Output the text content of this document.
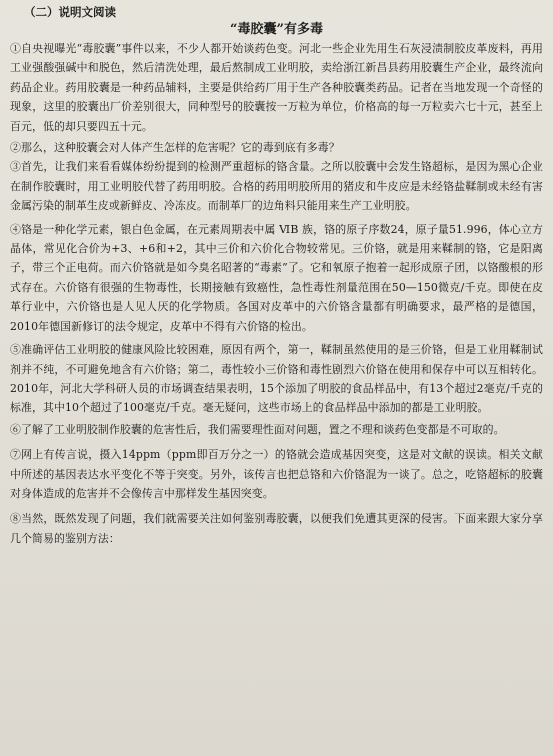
（二）说明文阅读
“毒胶囊”有多毒

①自央视曝光“毒胶囊”事件以来，不少人都开始谈药色变。河北一些企业先用生石灰浸渍制胶皮革废料，再用工业强酸强碱中和脱色，然后清洗处理，最后熬制成工业明胶，卖给浙江新昌县药用胶囊生产企业，最终流向药品企业。药用胶囊是一种药品辅料，主要是供给药厂用于生产各种胶囊类药品。记者在当地发现一个奇怪的现象，这里的胶囊出厂价差别很大，同种型号的胶囊按一万粒为单位，价格高的每一万粒卖六七十元，甚至上百元，低的却只要四五十元。

②那么，这种胶囊会对人体产生怎样的危害呢？它的毒到底有多毒？

③首先，让我们来看看媒体纷纷提到的检测严重超标的铬含量。之所以胶囊中会发生铬超标，是因为黑心企业在制作胶囊时，用工业明胶代替了药用明胶。合格的药用明胶所用的猪皮和牛皮应是未经铬盐鞣制或未经有害金属污染的制革生皮或新鲜皮、冷冻皮。而制革厂的边角料只能用来生产工业明胶。

④铬是一种化学元素，银白色金属，在元素周期表中属 ⅥB 族，铬的原子序数24，原子量51.996，体心立方晶体，常见化合价为+3、+6和+2，其中三价和六价化合物较常见。三价铬，就是用来鞣制的铬，它是阳离子，带三个正电荷。而六价铬就是如今臭名昭著的“毒素”了。它和氧原子抱着一起形成原子团，以铬酸根的形式存在。六价铬有很强的生物毒性，长期接触有致癌性，急性毒性剂量范围在50—150微克/千克。即使在皮革行业中，六价铬也是人见人厌的化学物质。各国对皮革中的六价铬含量都有明确要求，最严格的是德国，2010年德国新修订的法令规定，皮革中不得有六价铬的检出。

⑤准确评估工业明胶的健康风险比较困难，原因有两个，第一，鞣制虽然使用的是三价铬，但是工业用鞣制试剂并不纯，不可避免地含有六价铬；第二，毒性较小三价铬和毒性剧烈六价铬在使用和保存中可以互相转化。2010年，河北大学科研人员的市场调查结果表明，15个添加了明胶的食品样品中，有13个超过2毫克/千克的标准，其中10个超过了100毫克/千克。毫无疑问，这些市场上的食品样品中添加的都是工业明胶。

⑥了解了工业明胶制作胶囊的危害性后，我们需要理性面对问题，置之不理和谈药色变都是不可取的。

⑦网上有传言说，摄入14ppm（ppm即百万分之一）的铬就会造成基因突变，这是对文献的误读。相关文献中所述的基因表达水平变化不等于突变。另外，该传言也把总铬和六价铬混为一谈了。总之，吃铬超标的胶囊对身体造成的危害并不会像传言中那样发生基因突变。

⑧当然，既然发现了问题，我们就需要关注如何鉴别毒胶囊，以便我们免遭其更深的侵害。下面来跟大家分享几个简易的鉴别方法：
